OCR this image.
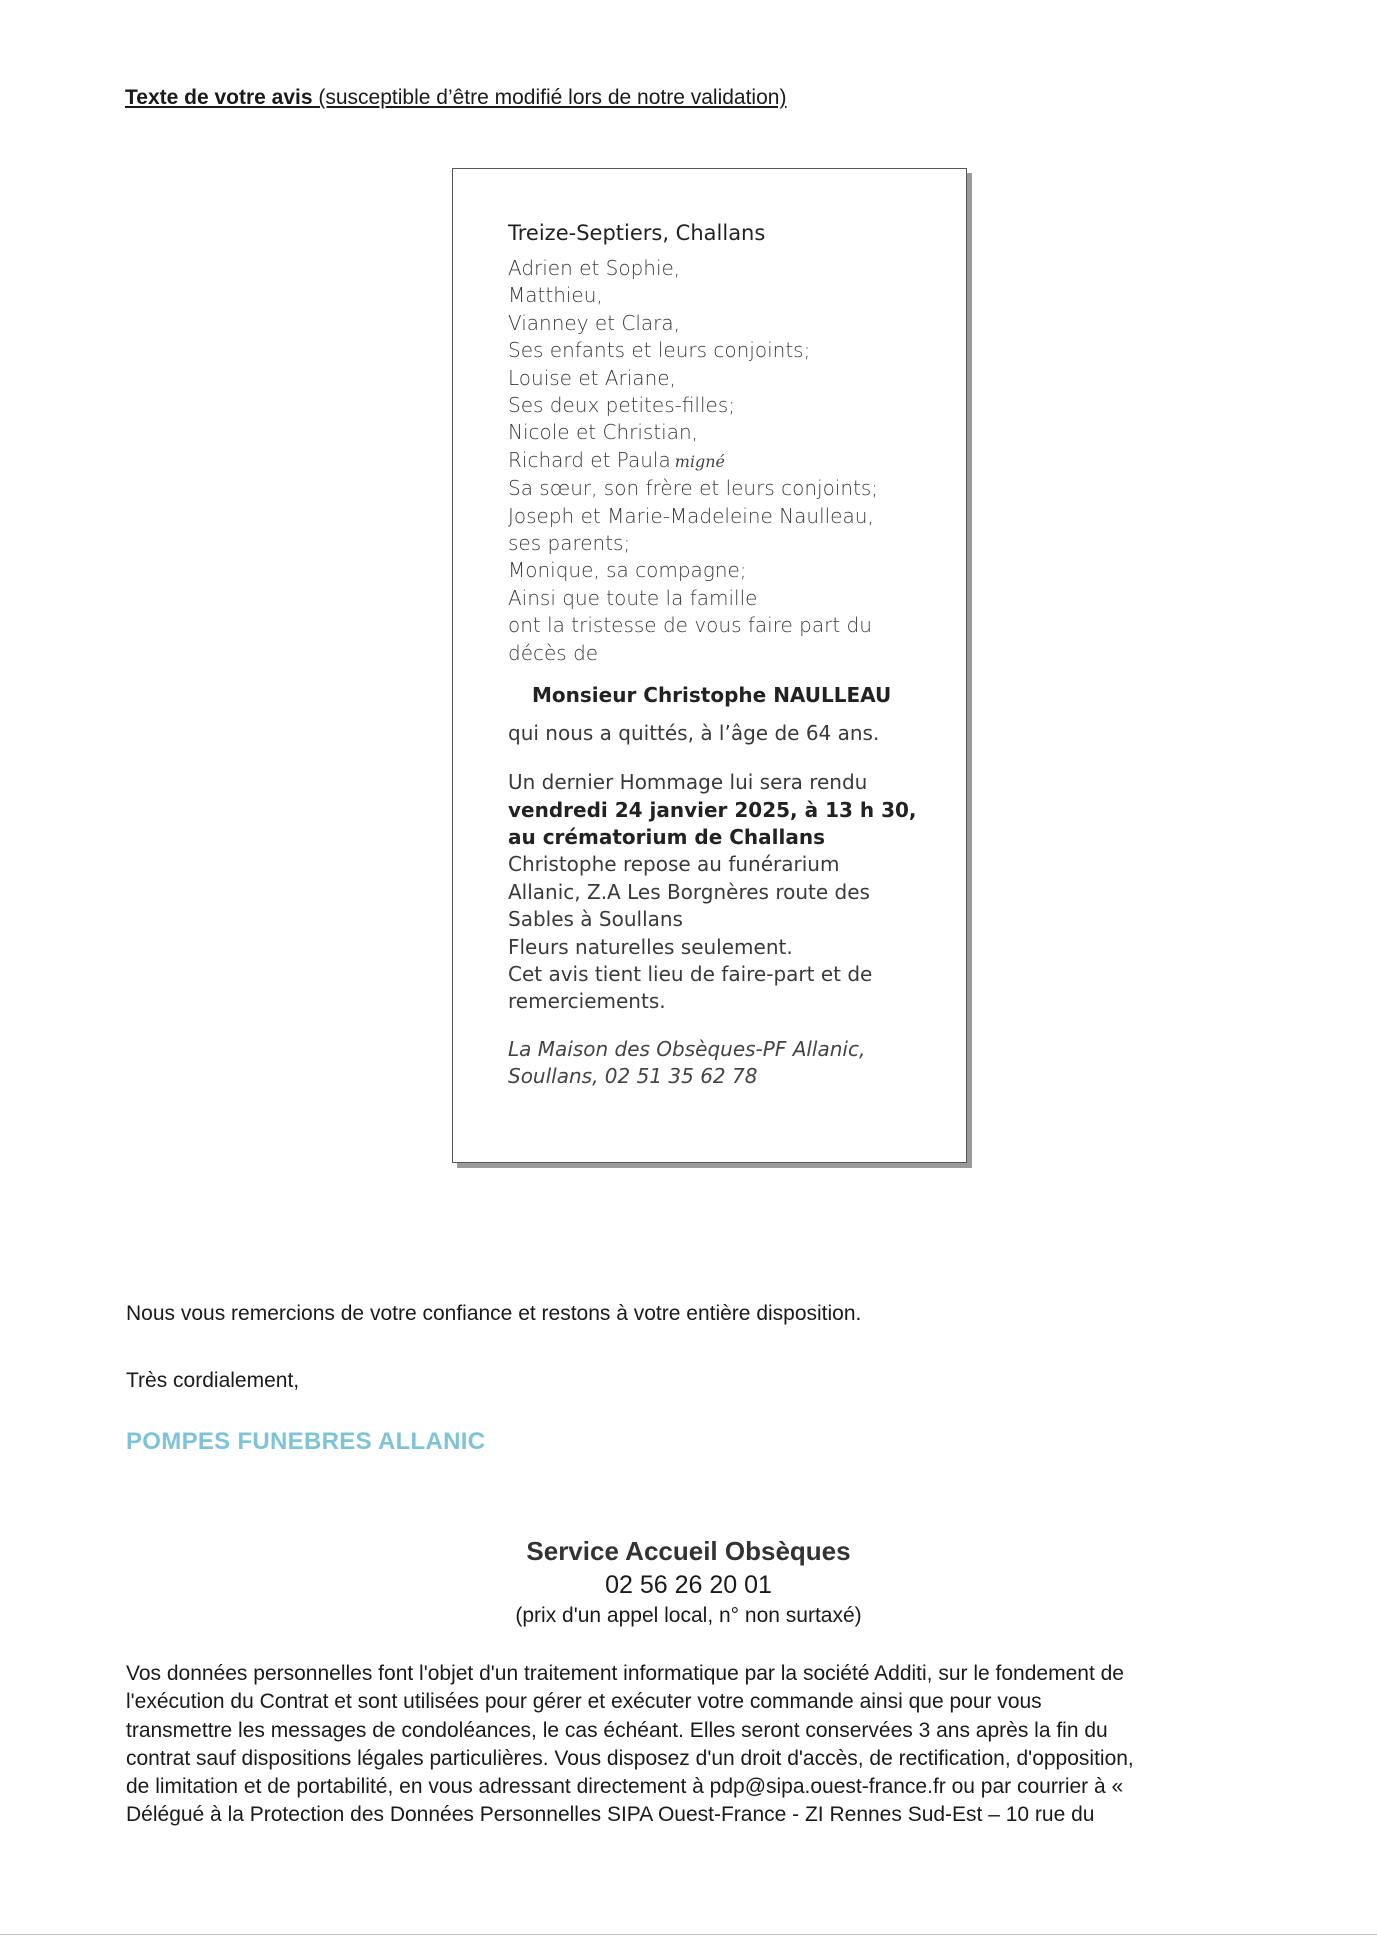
Texte de votre avis (susceptible d’être modifié lors de notre validation)
Treize-Septiers, Challans
Adrien et Sophie,
Matthieu,
Vianney et Clara,
Ses enfants et leurs conjoints;
Louise et Ariane,
Ses deux petites-filles;
Nicole et Christian,
Richard et Paula migné
Sa sœur, son frère et leurs conjoints;
Joseph et Marie-Madeleine Naulleau,
ses parents;
Monique, sa compagne;
Ainsi que toute la famille
ont la tristesse de vous faire part du
décès de
Monsieur Christophe NAULLEAU
qui nous a quittés, à l’âge de 64 ans.
Un dernier Hommage lui sera rendu
vendredi 24 janvier 2025, à 13 h 30,
au crématorium de Challans
Christophe repose au funérarium
Allanic, Z.A Les Borgnères route des
Sables à Soullans
Fleurs naturelles seulement.
Cet avis tient lieu de faire-part et de
remerciements.
La Maison des Obsèques-PF Allanic,
Soullans, 02 51 35 62 78
Nous vous remercions de votre confiance et restons à votre entière disposition.
Très cordialement,
POMPES FUNEBRES ALLANIC
Service Accueil Obsèques
02 56 26 20 01
(prix d'un appel local, n° non surtaxé)
Vos données personnelles font l'objet d'un traitement informatique par la société Additi, sur le fondement de
l'exécution du Contrat et sont utilisées pour gérer et exécuter votre commande ainsi que pour vous
transmettre les messages de condoléances, le cas échéant. Elles seront conservées 3 ans après la fin du
contrat sauf dispositions légales particulières. Vous disposez d'un droit d'accès, de rectification, d'opposition,
de limitation et de portabilité, en vous adressant directement à pdp@sipa.ouest-france.fr ou par courrier à «
Délégué à la Protection des Données Personnelles SIPA Ouest-France - ZI Rennes Sud-Est – 10 rue du
